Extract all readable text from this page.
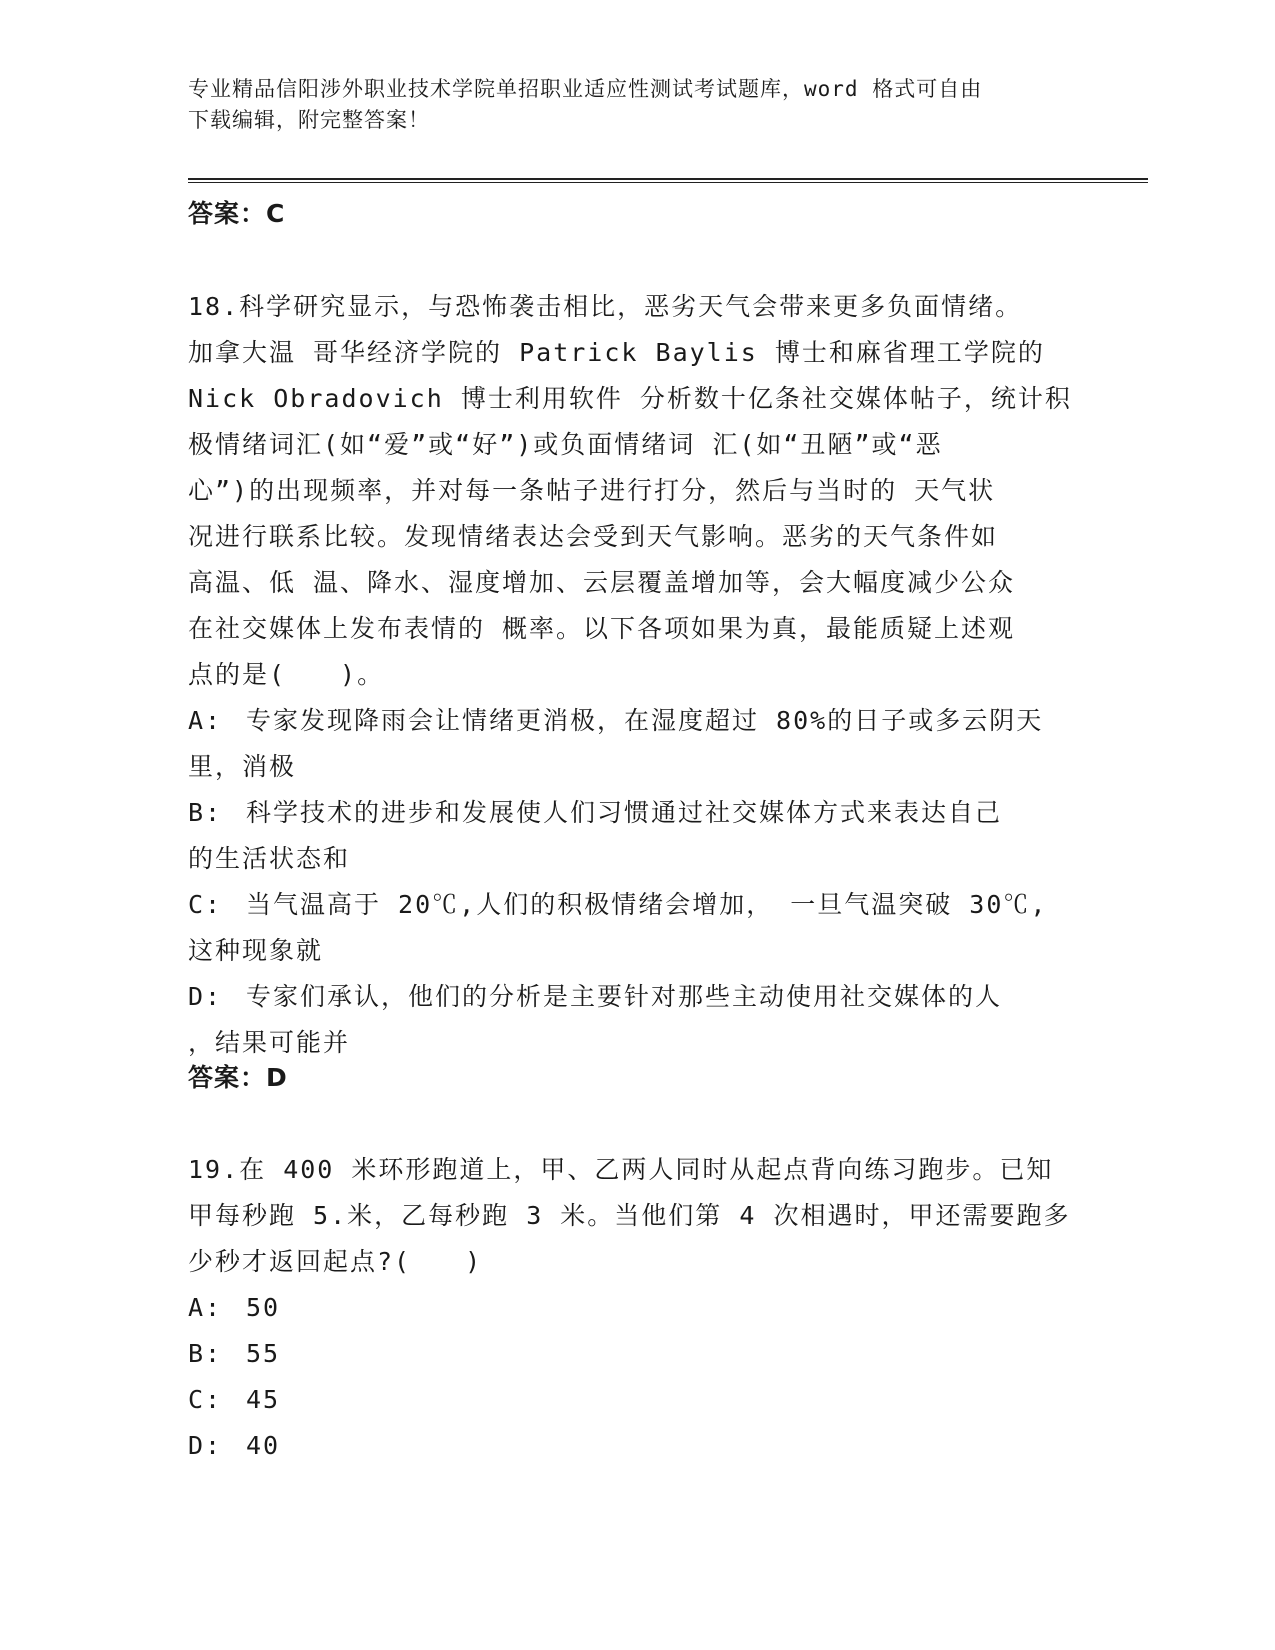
专业精品信阳涉外职业技术学院单招职业适应性测试考试题库，word 格式可自由
下载编辑，附完整答案！
答案：C
18.科学研究显示，与恐怖袭击相比，恶劣天气会带来更多负面情绪。
加拿大温 哥华经济学院的 Patrick Baylis 博士和麻省理工学院的
Nick Obradovich 博士利用软件 分析数十亿条社交媒体帖子，统计积
极情绪词汇(如“爱”或“好”)或负面情绪词 汇(如“丑陋”或“恶
心”)的出现频率，并对每一条帖子进行打分，然后与当时的 天气状
况进行联系比较。发现情绪表达会受到天气影响。恶劣的天气条件如
高温、低 温、降水、湿度增加、云层覆盖增加等，会大幅度减少公众
在社交媒体上发布表情的 概率。以下各项如果为真，最能质疑上述观
点的是(　　)。
A: 专家发现降雨会让情绪更消极，在湿度超过 80%的日子或多云阴天
里，消极
B: 科学技术的进步和发展使人们习惯通过社交媒体方式来表达自己
的生活状态和
C: 当气温高于 20℃,人们的积极情绪会增加， 一旦气温突破 30℃,
这种现象就
D: 专家们承认，他们的分析是主要针对那些主动使用社交媒体的人
，结果可能并
答案：D
19.在 400 米环形跑道上，甲、乙两人同时从起点背向练习跑步。已知
甲每秒跑 5.米，乙每秒跑 3 米。当他们第 4 次相遇时，甲还需要跑多
少秒才返回起点?(　　)
A: 50
B: 55
C: 45
D: 40
